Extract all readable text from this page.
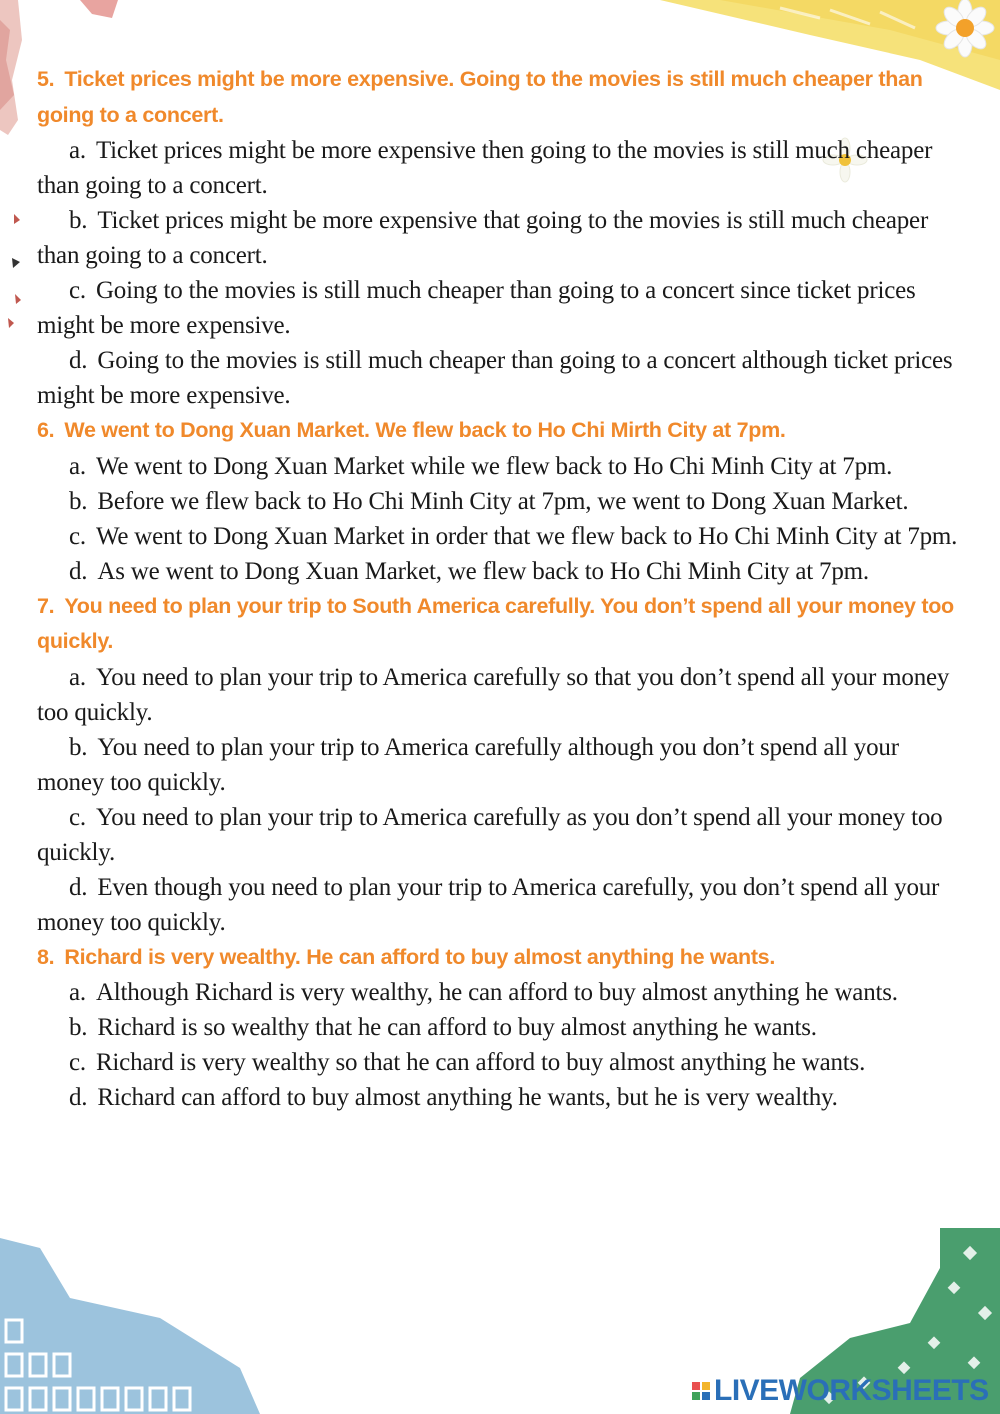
5. Ticket prices might be more expensive. Going to the movies is still much cheaper than going to a concert.
a. Ticket prices might be more expensive then going to the movies is still much cheaper than going to a concert.
b. Ticket prices might be more expensive that going to the movies is still much cheaper than going to a concert.
c. Going to the movies is still much cheaper than going to a concert since ticket prices might be more expensive.
d. Going to the movies is still much cheaper than going to a concert although ticket prices might be more expensive.
6. We went to Dong Xuan Market. We flew back to Ho Chi Mirth City at 7pm.
a. We went to Dong Xuan Market while we flew back to Ho Chi Minh City at 7pm.
b. Before we flew back to Ho Chi Minh City at 7pm, we went to Dong Xuan Market.
c. We went to Dong Xuan Market in order that we flew back to Ho Chi Minh City at 7pm.
d. As we went to Dong Xuan Market, we flew back to Ho Chi Minh City at 7pm.
7. You need to plan your trip to South America carefully. You don’t spend all your money too quickly.
a. You need to plan your trip to America carefully so that you don’t spend all your money too quickly.
b. You need to plan your trip to America carefully although you don’t spend all your money too quickly.
c. You need to plan your trip to America carefully as you don’t spend all your money too quickly.
d. Even though you need to plan your trip to America carefully, you don’t spend all your money too quickly.
8. Richard is very wealthy. He can afford to buy almost anything he wants.
a. Although Richard is very wealthy, he can afford to buy almost anything he wants.
b. Richard is so wealthy that he can afford to buy almost anything he wants.
c. Richard is very wealthy so that he can afford to buy almost anything he wants.
d. Richard can afford to buy almost anything he wants, but he is very wealthy.
LIVEWORKSHEETS
